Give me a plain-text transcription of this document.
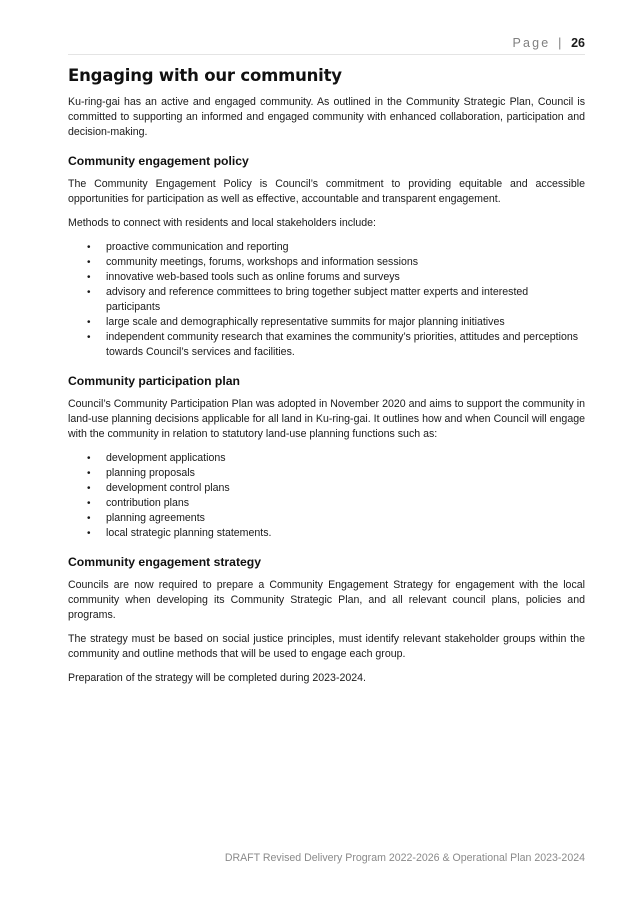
Page | 26
Engaging with our community

Ku-ring-gai has an active and engaged community. As outlined in the Community Strategic Plan, Council is committed to supporting an informed and engaged community with enhanced collaboration, participation and decision-making.

Community engagement policy

The Community Engagement Policy is Council’s commitment to providing equitable and accessible opportunities for participation as well as effective, accountable and transparent engagement.

Methods to connect with residents and local stakeholders include:

• proactive communication and reporting
• community meetings, forums, workshops and information sessions
• innovative web-based tools such as online forums and surveys
• advisory and reference committees to bring together subject matter experts and interested participants
• large scale and demographically representative summits for major planning initiatives
• independent community research that examines the community’s priorities, attitudes and perceptions towards Council’s services and facilities.
Community participation plan

Council’s Community Participation Plan was adopted in November 2020 and aims to support the community in land-use planning decisions applicable for all land in Ku-ring-gai. It outlines how and when Council will engage with the community in relation to statutory land-use planning functions such as:

• development applications
• planning proposals
• development control plans
• contribution plans
• planning agreements
• local strategic planning statements.
Community engagement strategy

Councils are now required to prepare a Community Engagement Strategy for engagement with the local community when developing its Community Strategic Plan, and all relevant council plans, policies and programs.

The strategy must be based on social justice principles, must identify relevant stakeholder groups within the community and outline methods that will be used to engage each group.

Preparation of the strategy will be completed during 2023-2024.

DRAFT Revised Delivery Program 2022-2026 & Operational Plan 2023-2024
